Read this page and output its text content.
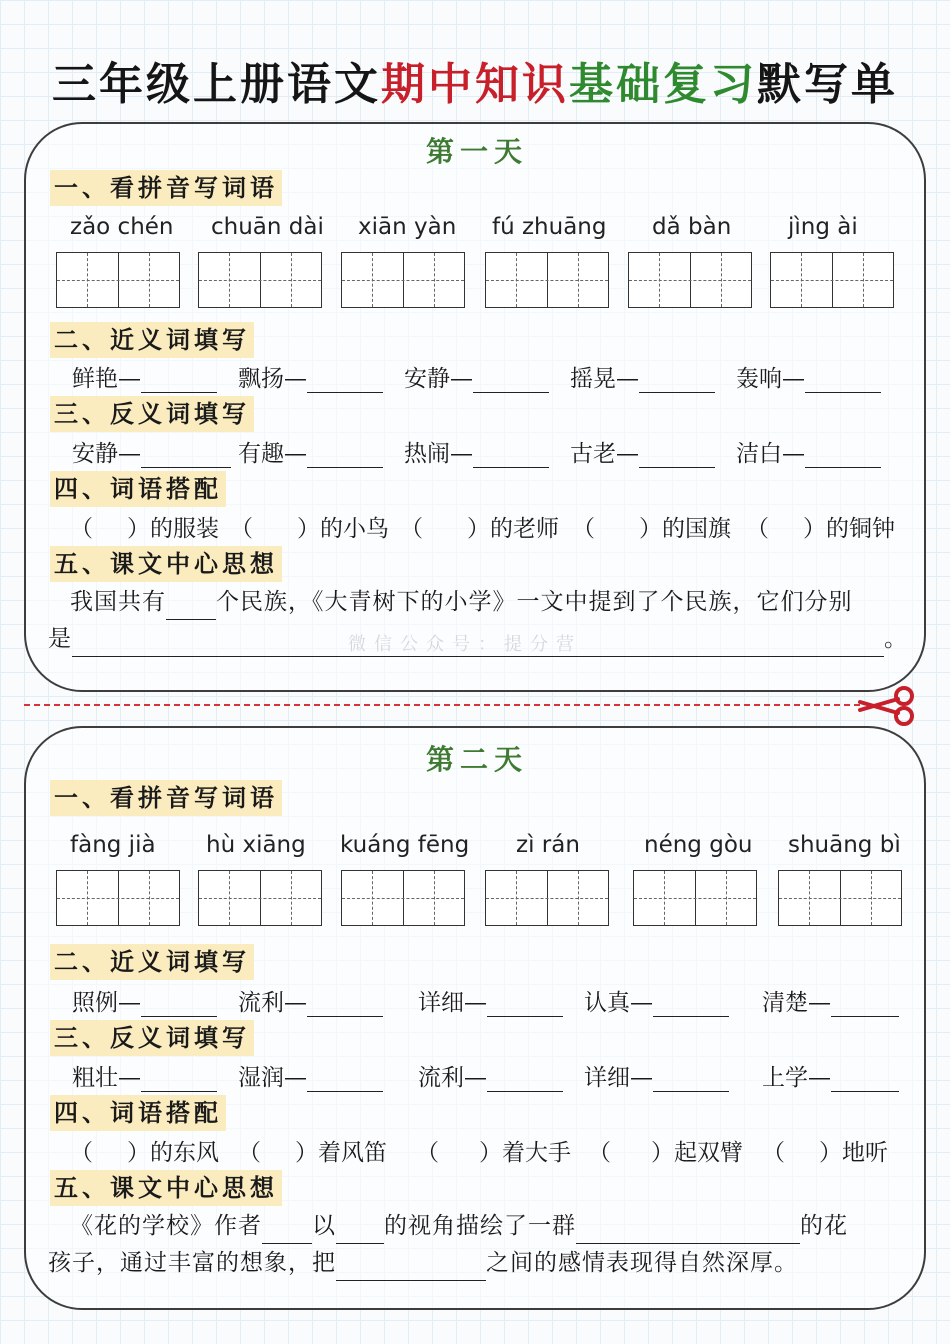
三年级上册语文期中知识基础复习默写单
第一天
一、看拼音写词语
zǎo chén chuān dài xiān yàn fú zhuāng dǎ bàn jìng ài
二、近义词填写
鲜艳—	飘扬—	安静—	摇晃—	轰响—
三、反义词填写
安静—	有趣—	热闹—	古老—	洁白—
四、词语搭配
（ ）的服装 （ ）的小鸟 （ ）的老师 （ ）的国旗 （ ）的铜钟
五、课文中心思想
我国共有 个民族，《大青树下的小学》一文中提到了个民族，它们分别
是	。
微信公众号：提分营
第二天
一、看拼音写词语
fàng jià hù xiāng kuáng fēng zì rán	néng gòu shuāng bì
二、近义词填写
照例—	流利—	详细—	认真—	清楚—
三、反义词填写
粗壮—	湿润—	流利—	详细—	上学—
四、词语搭配
（ ）的东风 （ ）着风笛 （ ）着大手 （ ）起双臂 （ ）地听
五、课文中心思想
《花的学校》作者 以 的视角描绘了一群	的花
孩子，通过丰富的想象，把	之间的感情表现得自然深厚。
